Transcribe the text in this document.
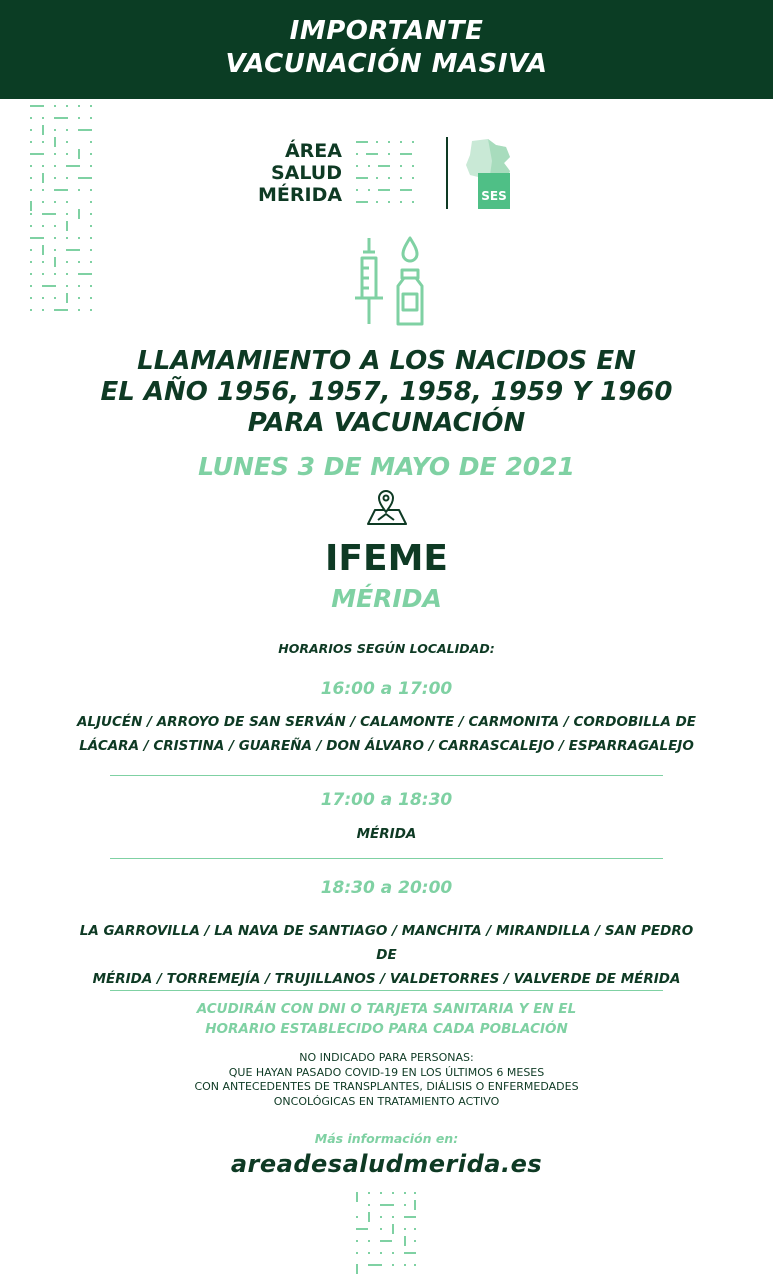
IMPORTANTE
VACUNACIÓN MASIVA
ÁREA
SALUD
MÉRIDA	SES
LLAMAMIENTO A LOS NACIDOS EN
EL AÑO 1956, 1957, 1958, 1959 Y 1960
PARA VACUNACIÓN
LUNES 3 DE MAYO DE 2021
IFEME
MÉRIDA
HORARIOS SEGÚN LOCALIDAD:
16:00 a 17:00
ALJUCÉN / ARROYO DE SAN SERVÁN / CALAMONTE / CARMONITA / CORDOBILLA DE
LÁCARA / CRISTINA / GUAREÑA / DON ÁLVARO / CARRASCALEJO / ESPARRAGALEJO
17:00 a 18:30
MÉRIDA
18:30 a 20:00
LA GARROVILLA / LA NAVA DE SANTIAGO / MANCHITA / MIRANDILLA / SAN PEDRO DE
MÉRIDA / TORREMEJÍA / TRUJILLANOS / VALDETORRES / VALVERDE DE MÉRIDA
ACUDIRÁN CON DNI O TARJETA SANITARIA Y EN EL
HORARIO ESTABLECIDO PARA CADA POBLACIÓN
NO INDICADO PARA PERSONAS:
QUE HAYAN PASADO COVID-19 EN LOS ÚLTIMOS 6 MESES
CON ANTECEDENTES DE TRANSPLANTES, DIÁLISIS O ENFERMEDADES
ONCOLÓGICAS EN TRATAMIENTO ACTIVO
Más información en:
areadesaludmerida.es
